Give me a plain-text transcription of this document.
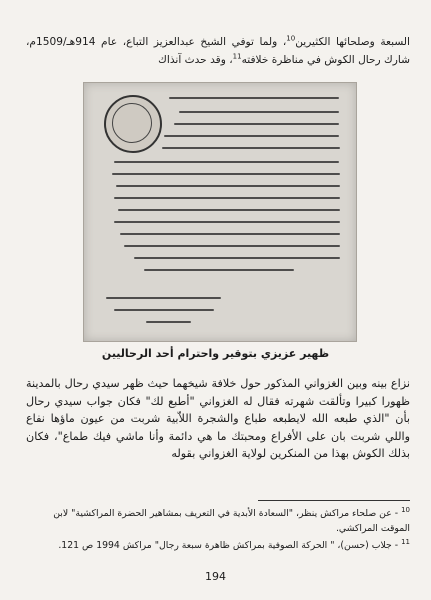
السبعة وصلحائها الكثيرين$^{10}$، ولما توفي الشيخ عبدالعزيز التباع، عام 914هـ/1509م، شارك رحال الكوش في مناظرة خلافته$^{11}$، وقد حدث آنذاك

ظهير عزيزي بتوقير واحترام أحد الرحاليين

نزاع بينه وبين الغزواني المذكور حول خلافة شيخهما حيث ظهر سيدي رحال بالمدينة ظهورا كبيرا وتألقت شهرته فقال له الغزواني "أطبع لك" فكان جواب سيدي رحال بأن "الذي طبعه الله لايطبعه طباع والشجرة اللاّبية شربت من عيون ماؤها نفاع واللي شربت بان على الأفراع ومحبتك ما هي دائمة وأنا ماشي فيك طماع"، فكان بذلك الكوش بهذا من المنكرين لولاية الغزواني بقوله

$^{10}$ - عن صلحاء مراكش ينظر، "السعادة الأبدية في التعريف بمشاهير الحضرة المراكشية" لابن الموقت المراكشي.

$^{11}$ - جلاب (حسن)، " الحركة الصوفية بمراكش ظاهرة سبعة رجال" مراكش 1994 ص 121.

194
